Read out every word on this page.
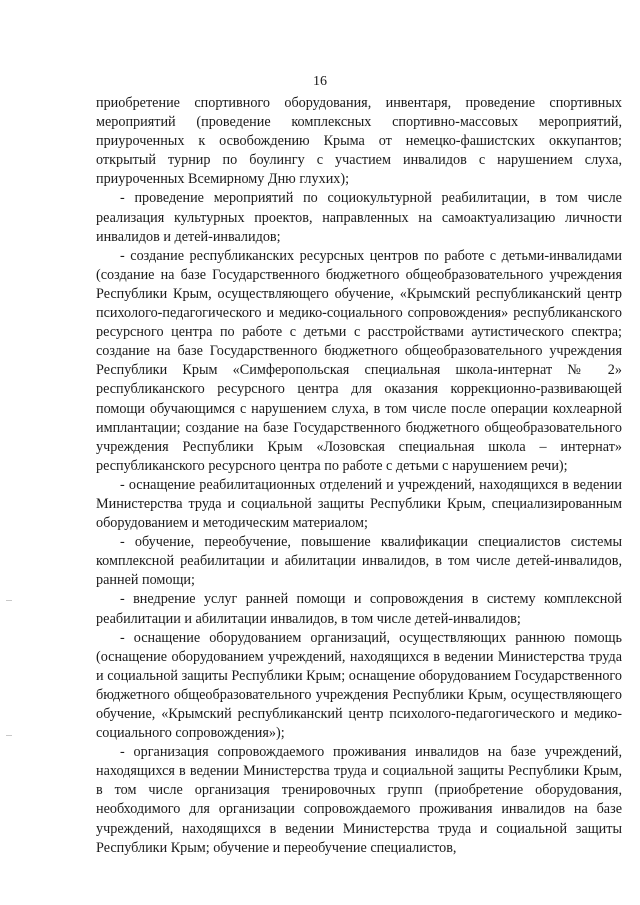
16

приобретение спортивного оборудования, инвентаря, проведение спортивных мероприятий (проведение комплексных спортивно-массовых мероприятий, приуроченных к освобождению Крыма от немецко-фашистских оккупантов; открытый турнир по боулингу с участием инвалидов с нарушением слуха, приуроченных Всемирному Дню глухих);

- проведение мероприятий по социокультурной реабилитации, в том числе реализация культурных проектов, направленных на самоактуализацию личности инвалидов и детей-инвалидов;

- создание республиканских ресурсных центров по работе с детьми-инвалидами (создание на базе Государственного бюджетного общеобразовательного учреждения Республики Крым, осуществляющего обучение, «Крымский республиканский центр психолого-педагогического и медико-социального сопровождения» республиканского ресурсного центра по работе с детьми с расстройствами аутистического спектра; создание на базе Государственного бюджетного общеобразовательного учреждения Республики Крым «Симферопольская специальная школа-интернат № 2» республиканского ресурсного центра для оказания коррекционно-развивающей помощи обучающимся с нарушением слуха, в том числе после операции кохлеарной имплантации; создание на базе Государственного бюджетного общеобразовательного учреждения Республики Крым «Лозовская специальная школа – интернат» республиканского ресурсного центра по работе с детьми с нарушением речи);

- оснащение реабилитационных отделений и учреждений, находящихся в ведении Министерства труда и социальной защиты Республики Крым, специализированным оборудованием и методическим материалом;

- обучение, переобучение, повышение квалификации специалистов системы комплексной реабилитации и абилитации инвалидов, в том числе детей-инвалидов, ранней помощи;

- внедрение услуг ранней помощи и сопровождения в систему комплексной реабилитации и абилитации инвалидов, в том числе детей-инвалидов;

- оснащение оборудованием организаций, осуществляющих раннюю помощь (оснащение оборудованием учреждений, находящихся в ведении Министерства труда и социальной защиты Республики Крым; оснащение оборудованием Государственного бюджетного общеобразовательного учреждения Республики Крым, осуществляющего обучение, «Крымский республиканский центр психолого-педагогического и медико-социального сопровождения»);

- организация сопровождаемого проживания инвалидов на базе учреждений, находящихся в ведении Министерства труда и социальной защиты Республики Крым, в том числе организация тренировочных групп (приобретение оборудования, необходимого для организации сопровождаемого проживания инвалидов на базе учреждений, находящихся в ведении Министерства труда и социальной защиты Республики Крым; обучение и переобучение специалистов,
